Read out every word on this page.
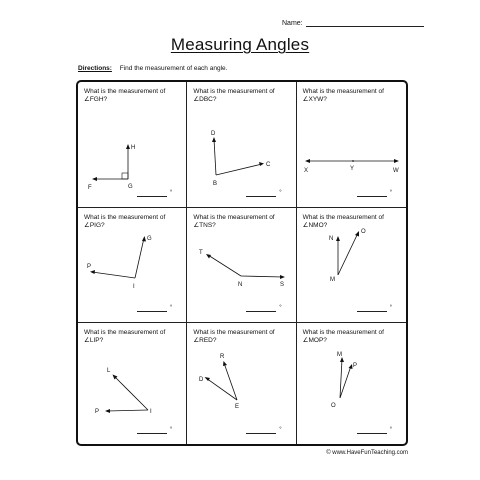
Name:
Measuring Angles
Directions: Find the measurement of each angle.
What is the measurement of
∠FGH?
F	G
H
°
What is the measurement of
∠DBC?
D
B
C
°
What is the measurement of
∠XYW?
X	Y	W
°
What is the measurement of
∠PIG?
P
I
G
°
What is the measurement of
∠TNS?
T
N	S
°
What is the measurement of
∠NMO?
N
M
O
°
What is the measurement of
∠LIP?
L
P	I
°
What is the measurement of
∠RED?
R
D
E
°
What is the measurement of
∠MOP?
M
P
O
°
© www.HaveFunTeaching.com
